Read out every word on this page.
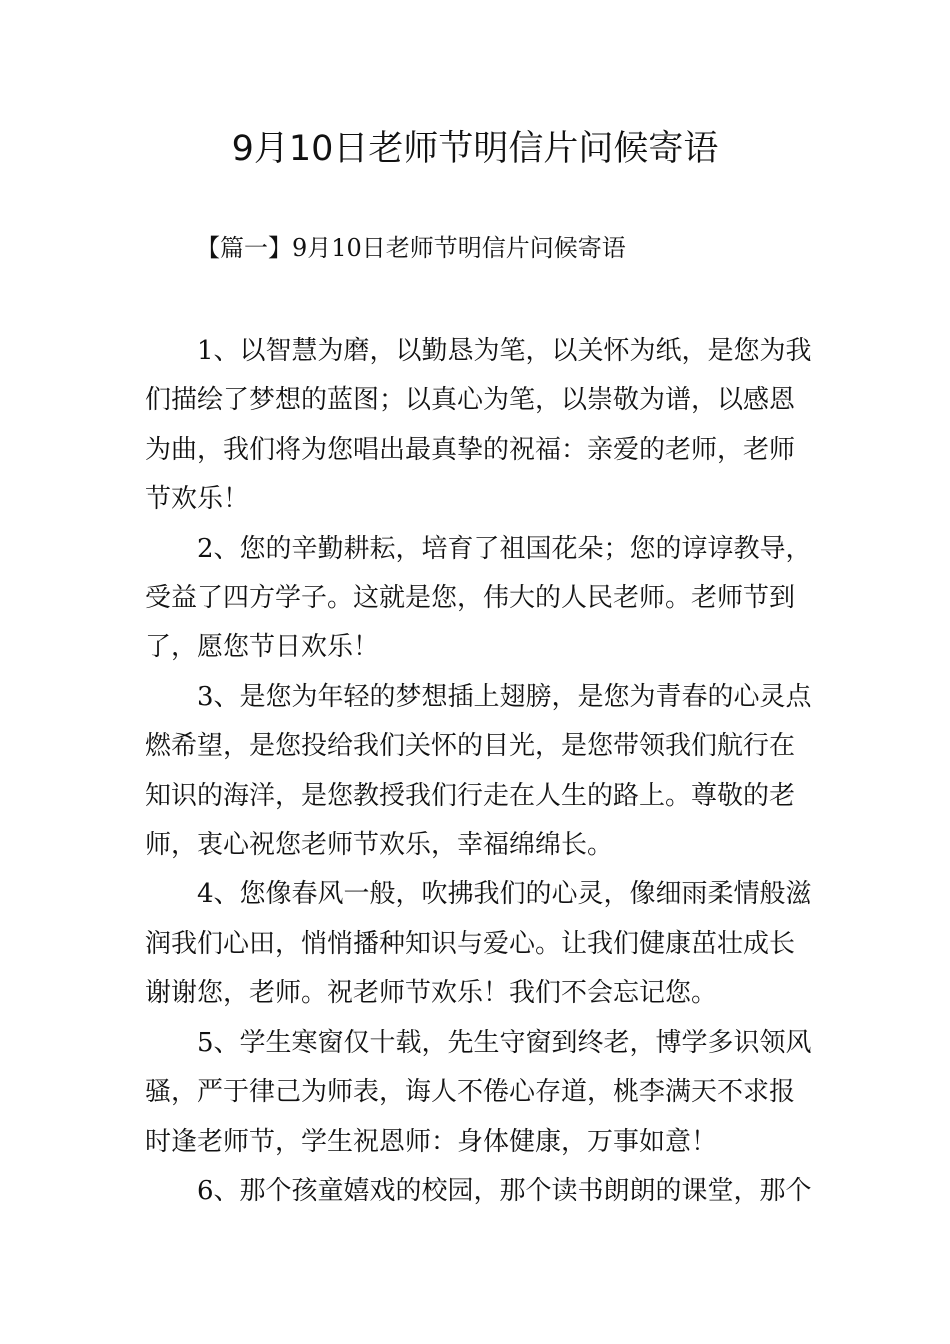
9月10日老师节明信片问候寄语

【篇一】9月10日老师节明信片问候寄语

1、以智慧为磨，以勤恳为笔，以关怀为纸，是您为我
们描绘了梦想的蓝图；以真心为笔，以崇敬为谱，以感恩
为曲，我们将为您唱出最真挚的祝福：亲爱的老师，老师
节欢乐！

2、您的辛勤耕耘，培育了祖国花朵；您的谆谆教导，
受益了四方学子。这就是您，伟大的人民老师。老师节到
了，愿您节日欢乐！

3、是您为年轻的梦想插上翅膀，是您为青春的心灵点
燃希望，是您投给我们关怀的目光，是您带领我们航行在
知识的海洋，是您教授我们行走在人生的路上。尊敬的老
师，衷心祝您老师节欢乐，幸福绵绵长。

4、您像春风一般，吹拂我们的心灵，像细雨柔情般滋
润我们心田，悄悄播种知识与爱心。让我们健康茁壮成长
谢谢您，老师。祝老师节欢乐！我们不会忘记您。

5、学生寒窗仅十载，先生守窗到终老，博学多识领风
骚，严于律己为师表，诲人不倦心存道，桃李满天不求报
时逢老师节，学生祝恩师：身体健康，万事如意！

6、那个孩童嬉戏的校园，那个读书朗朗的课堂，那个
